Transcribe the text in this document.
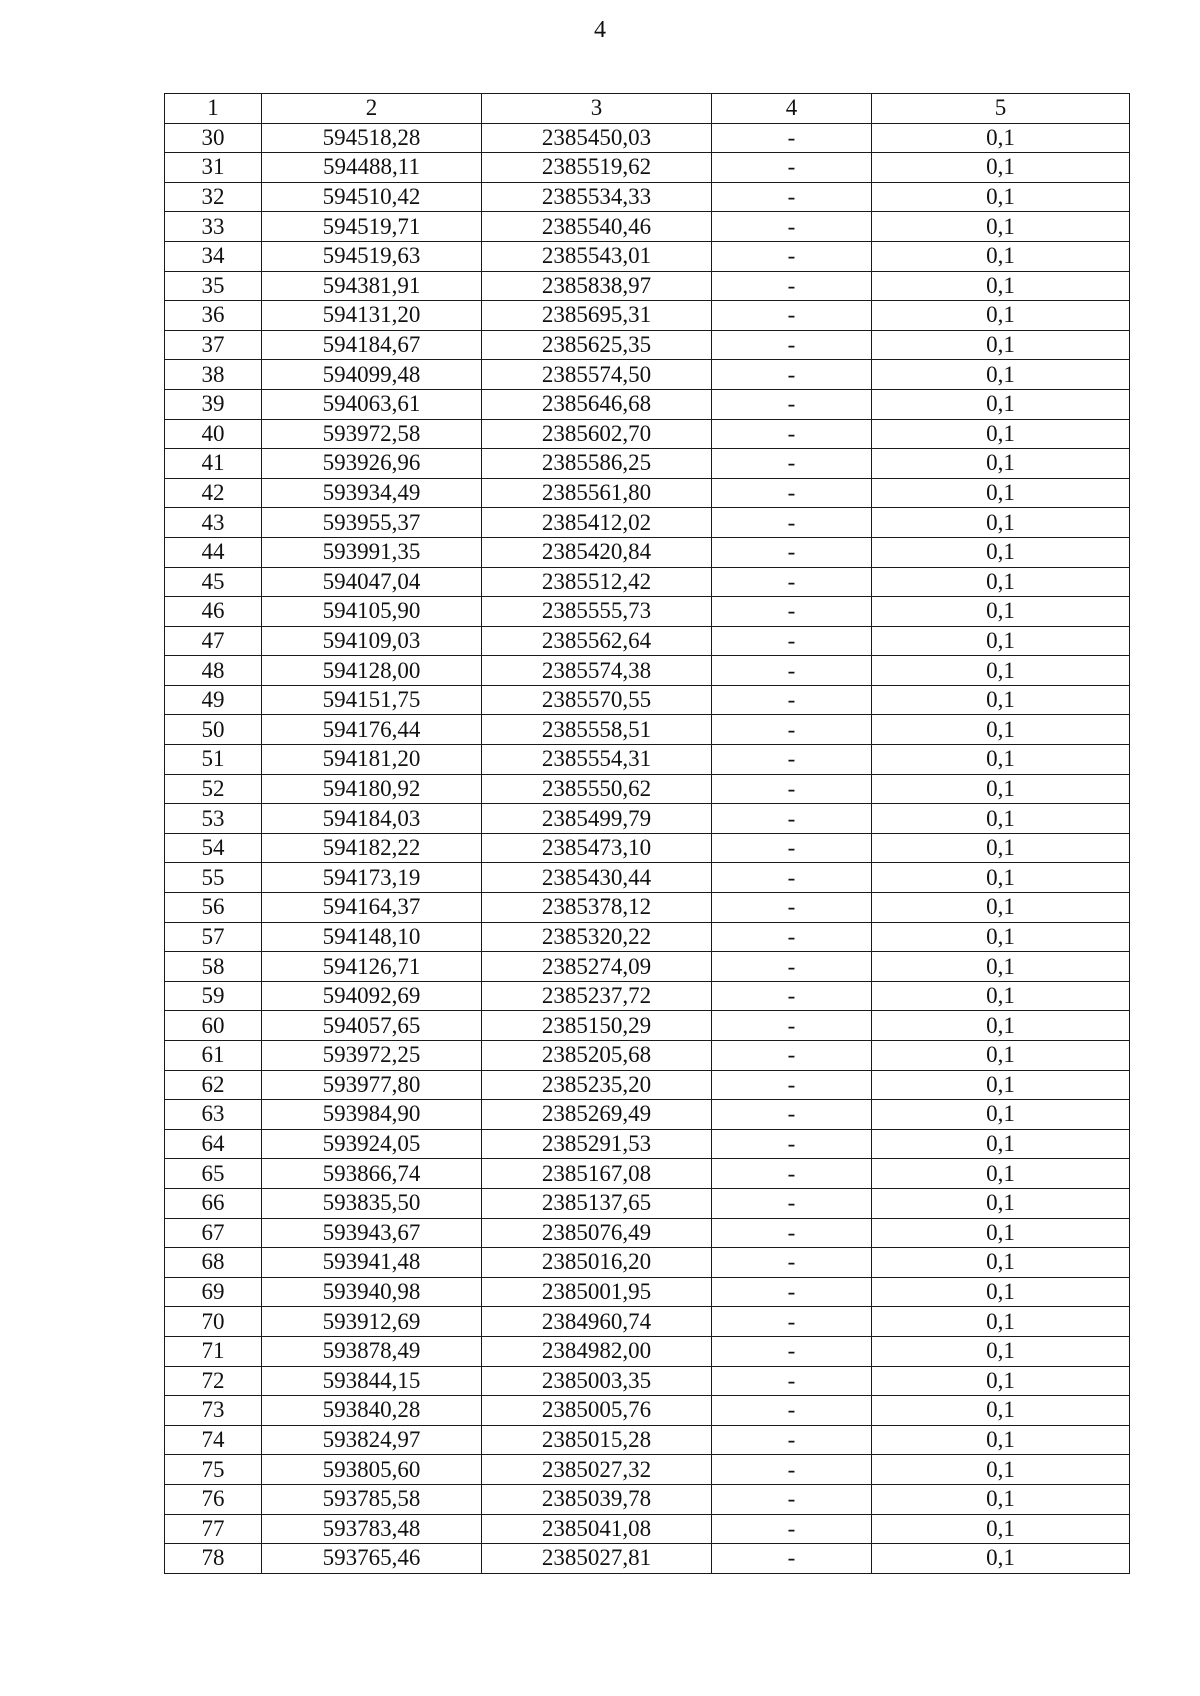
4
1	2	3	4	5
30	594518,28	2385450,03	-	0,1
31	594488,11	2385519,62	-	0,1
32	594510,42	2385534,33	-	0,1
33	594519,71	2385540,46	-	0,1
34	594519,63	2385543,01	-	0,1
35	594381,91	2385838,97	-	0,1
36	594131,20	2385695,31	-	0,1
37	594184,67	2385625,35	-	0,1
38	594099,48	2385574,50	-	0,1
39	594063,61	2385646,68	-	0,1
40	593972,58	2385602,70	-	0,1
41	593926,96	2385586,25	-	0,1
42	593934,49	2385561,80	-	0,1
43	593955,37	2385412,02	-	0,1
44	593991,35	2385420,84	-	0,1
45	594047,04	2385512,42	-	0,1
46	594105,90	2385555,73	-	0,1
47	594109,03	2385562,64	-	0,1
48	594128,00	2385574,38	-	0,1
49	594151,75	2385570,55	-	0,1
50	594176,44	2385558,51	-	0,1
51	594181,20	2385554,31	-	0,1
52	594180,92	2385550,62	-	0,1
53	594184,03	2385499,79	-	0,1
54	594182,22	2385473,10	-	0,1
55	594173,19	2385430,44	-	0,1
56	594164,37	2385378,12	-	0,1
57	594148,10	2385320,22	-	0,1
58	594126,71	2385274,09	-	0,1
59	594092,69	2385237,72	-	0,1
60	594057,65	2385150,29	-	0,1
61	593972,25	2385205,68	-	0,1
62	593977,80	2385235,20	-	0,1
63	593984,90	2385269,49	-	0,1
64	593924,05	2385291,53	-	0,1
65	593866,74	2385167,08	-	0,1
66	593835,50	2385137,65	-	0,1
67	593943,67	2385076,49	-	0,1
68	593941,48	2385016,20	-	0,1
69	593940,98	2385001,95	-	0,1
70	593912,69	2384960,74	-	0,1
71	593878,49	2384982,00	-	0,1
72	593844,15	2385003,35	-	0,1
73	593840,28	2385005,76	-	0,1
74	593824,97	2385015,28	-	0,1
75	593805,60	2385027,32	-	0,1
76	593785,58	2385039,78	-	0,1
77	593783,48	2385041,08	-	0,1
78	593765,46	2385027,81	-	0,1
